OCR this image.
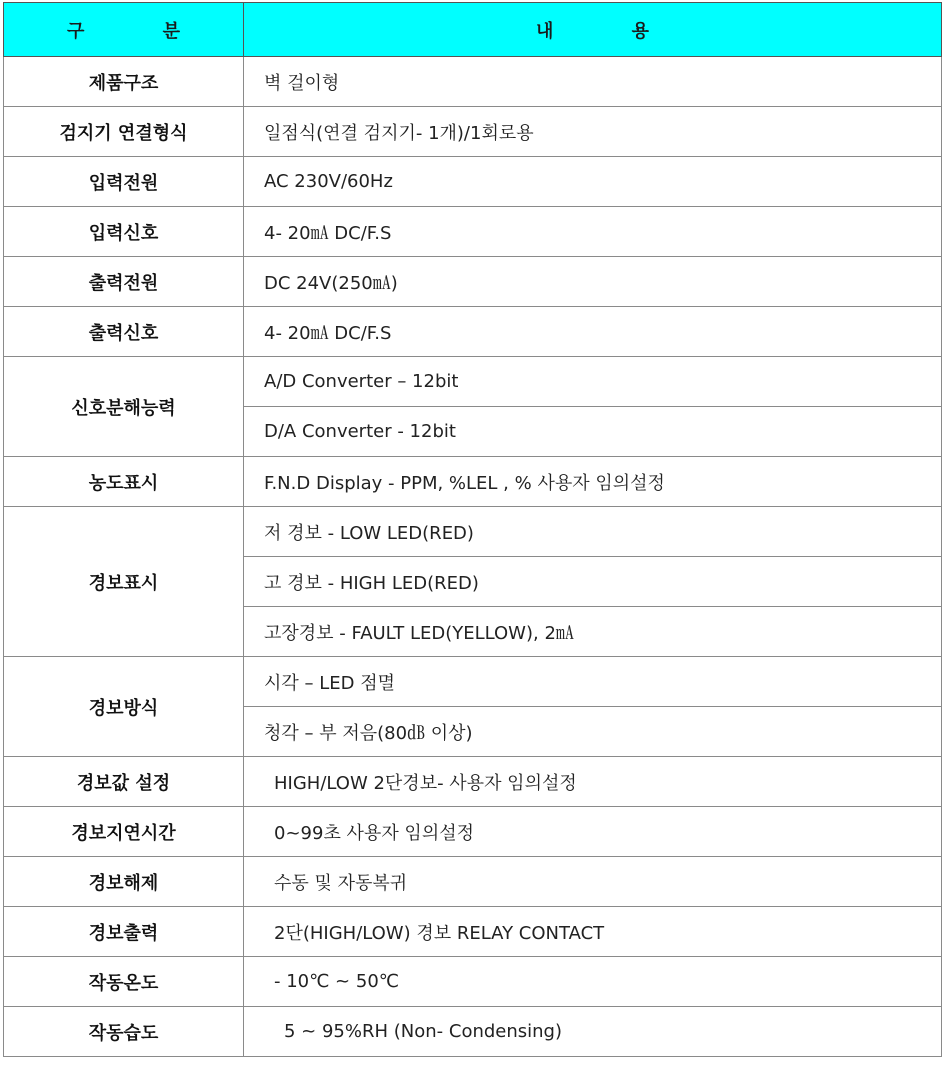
구 분	내 용
제품구조	벽 걸이형
검지기 연결형식	일점식(연결 검지기- 1개)/1회로용
입력전원	AC 230V/60Hz
입력신호	4- 20㎃ DC/F.S
출력전원	DC 24V(250㎃)
출력신호	4- 20㎃ DC/F.S
신호분해능력	A/D Converter – 12bit
	D/A Converter - 12bit
농도표시	F.N.D Display - PPM, %LEL , % 사용자 임의설정
경보표시	저 경보 - LOW LED(RED)
	고 경보 - HIGH LED(RED)
	고장경보 - FAULT LED(YELLOW), 2㎃
경보방식	시각 – LED 점멸
	청각 – 부 저음(80㏈ 이상)
경보값 설정	HIGH/LOW 2단경보- 사용자 임의설정
경보지연시간	0~99초 사용자 임의설정
경보해제	수동 및 자동복귀
경보출력	2단(HIGH/LOW) 경보 RELAY CONTACT
작동온도	- 10℃ ~ 50℃
작동습도	5 ~ 95%RH (Non- Condensing)
